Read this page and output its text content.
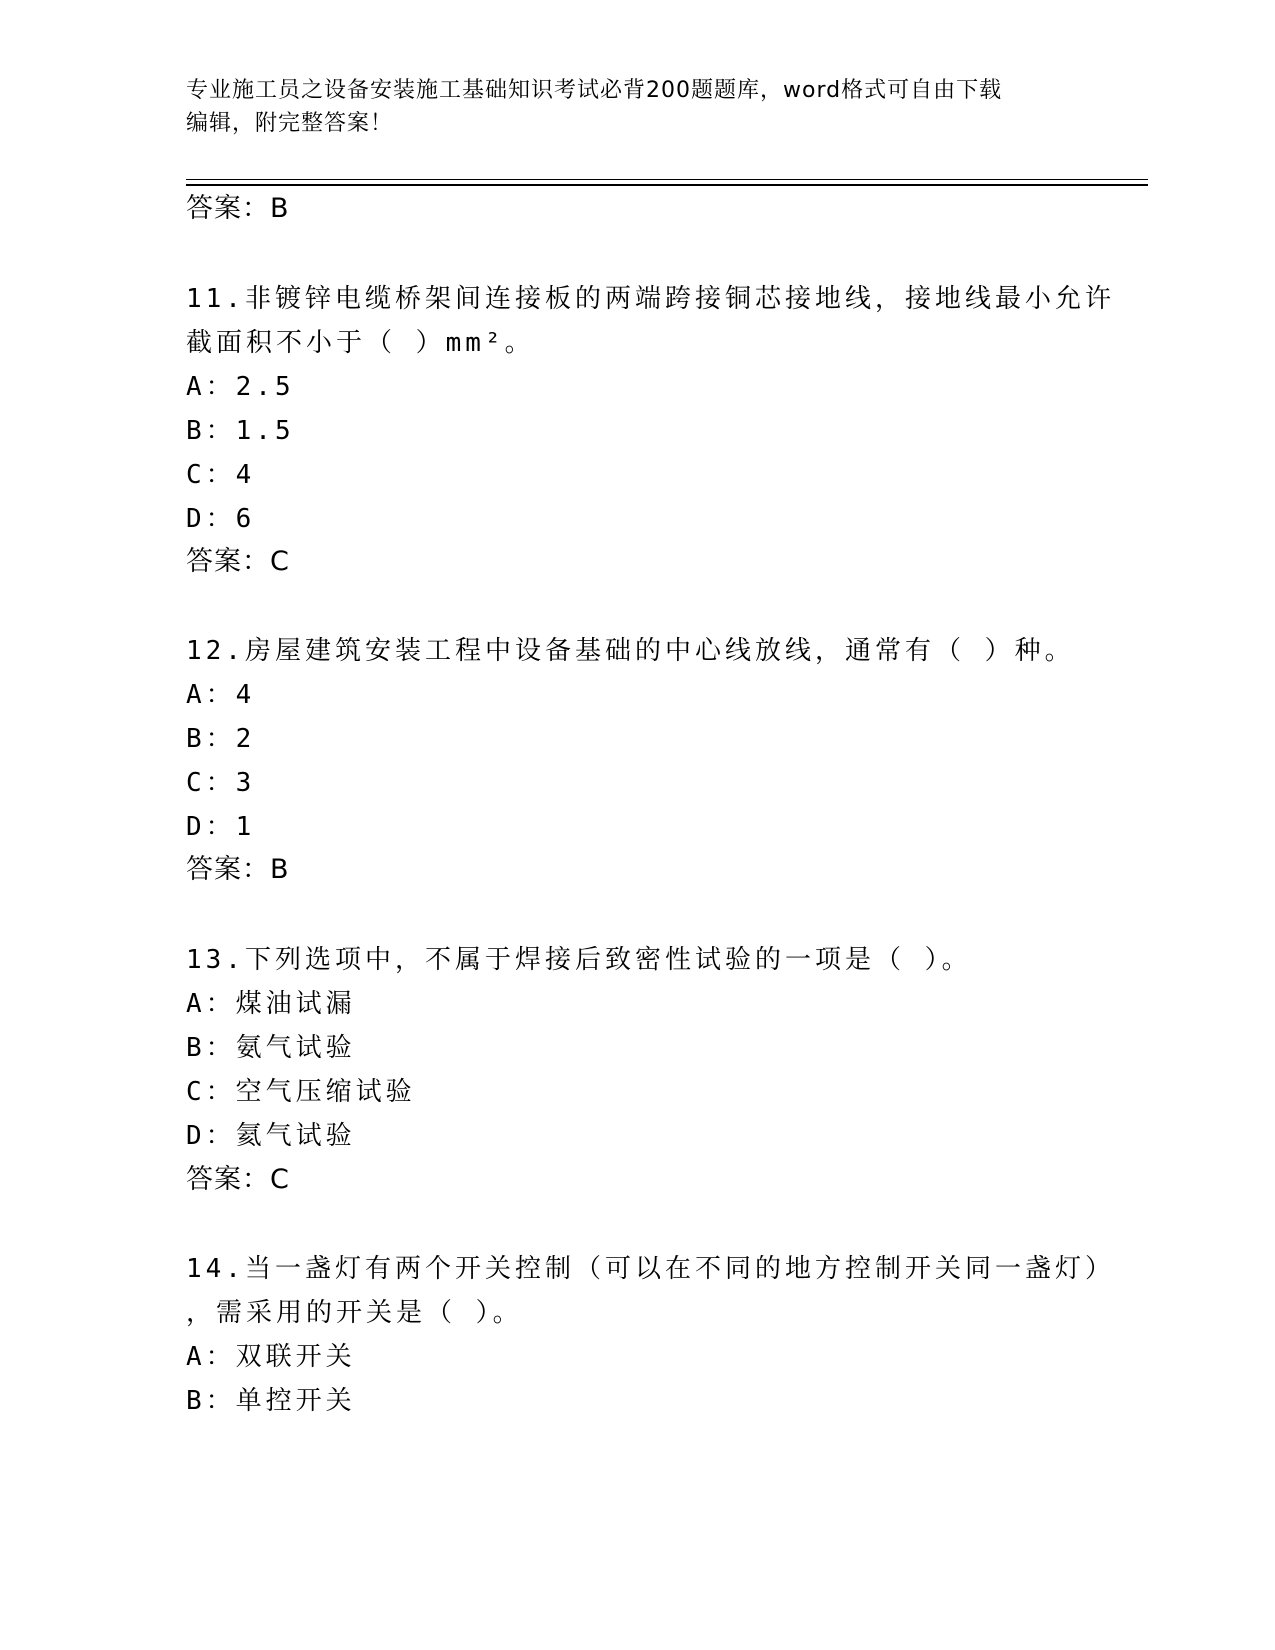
专业施工员之设备安装施工基础知识考试必背200题题库，word格式可自由下载
编辑，附完整答案！
答案：B
11.非镀锌电缆桥架间连接板的两端跨接铜芯接地线，接地线最小允许
截面积不小于（ ）mm²。
A：2.5
B：1.5
C：4
D：6
答案：C
12.房屋建筑安装工程中设备基础的中心线放线，通常有（ ）种。
A：4
B：2
C：3
D：1
答案：B
13.下列选项中，不属于焊接后致密性试验的一项是（ ）。
A：煤油试漏
B：氨气试验
C：空气压缩试验
D：氦气试验
答案：C
14.当一盏灯有两个开关控制（可以在不同的地方控制开关同一盏灯）
，需采用的开关是（ ）。
A：双联开关
B：单控开关
